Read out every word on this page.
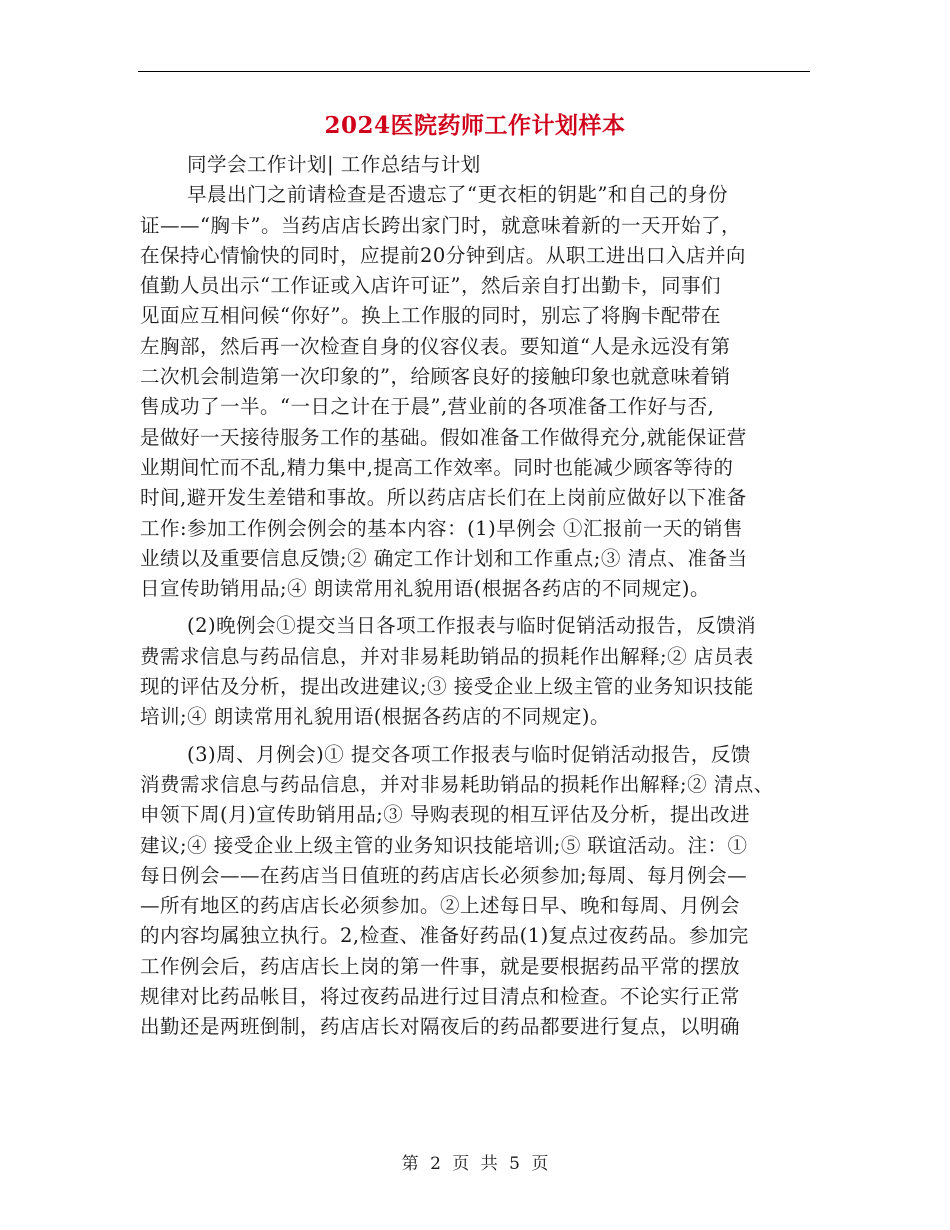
2024医院药师工作计划样本
同学会工作计划| 工作总结与计划
早晨出门之前请检查是否遗忘了“更衣柜的钥匙”和自己的身份
证——“胸卡”。当药店店长跨出家门时，就意味着新的一天开始了，
在保持心情愉快的同时，应提前20分钟到店。从职工进出口入店并向
值勤人员出示“工作证或入店许可证”，然后亲自打出勤卡，同事们
见面应互相问候“你好”。换上工作服的同时，别忘了将胸卡配带在
左胸部，然后再一次检查自身的仪容仪表。要知道“人是永远没有第
二次机会制造第一次印象的”，给顾客良好的接触印象也就意味着销
售成功了一半。“一日之计在于晨”,营业前的各项准备工作好与否,
是做好一天接待服务工作的基础。假如准备工作做得充分,就能保证营
业期间忙而不乱,精力集中,提高工作效率。同时也能减少顾客等待的
时间,避开发生差错和事故。所以药店店长们在上岗前应做好以下准备
工作:参加工作例会例会的基本内容：(1)早例会 ①汇报前一天的销售
业绩以及重要信息反馈;② 确定工作计划和工作重点;③ 清点、准备当
日宣传助销用品;④ 朗读常用礼貌用语(根据各药店的不同规定)。
(2)晚例会①提交当日各项工作报表与临时促销活动报告，反馈消
费需求信息与药品信息，并对非易耗助销品的损耗作出解释;② 店员表
现的评估及分析，提出改进建议;③ 接受企业上级主管的业务知识技能
培训;④ 朗读常用礼貌用语(根据各药店的不同规定)。
(3)周、月例会)① 提交各项工作报表与临时促销活动报告，反馈
消费需求信息与药品信息，并对非易耗助销品的损耗作出解释;② 清点、
申领下周(月)宣传助销用品;③ 导购表现的相互评估及分析，提出改进
建议;④ 接受企业上级主管的业务知识技能培训;⑤ 联谊活动。注：①
每日例会——在药店当日值班的药店店长必须参加;每周、每月例会—
—所有地区的药店店长必须参加。②上述每日早、晚和每周、月例会
的内容均属独立执行。2,检查、准备好药品(1)复点过夜药品。参加完
工作例会后，药店店长上岗的第一件事，就是要根据药品平常的摆放
规律对比药品帐目，将过夜药品进行过目清点和检查。不论实行正常
出勤还是两班倒制，药店店长对隔夜后的药品都要进行复点，以明确
第 2 页 共 5 页
